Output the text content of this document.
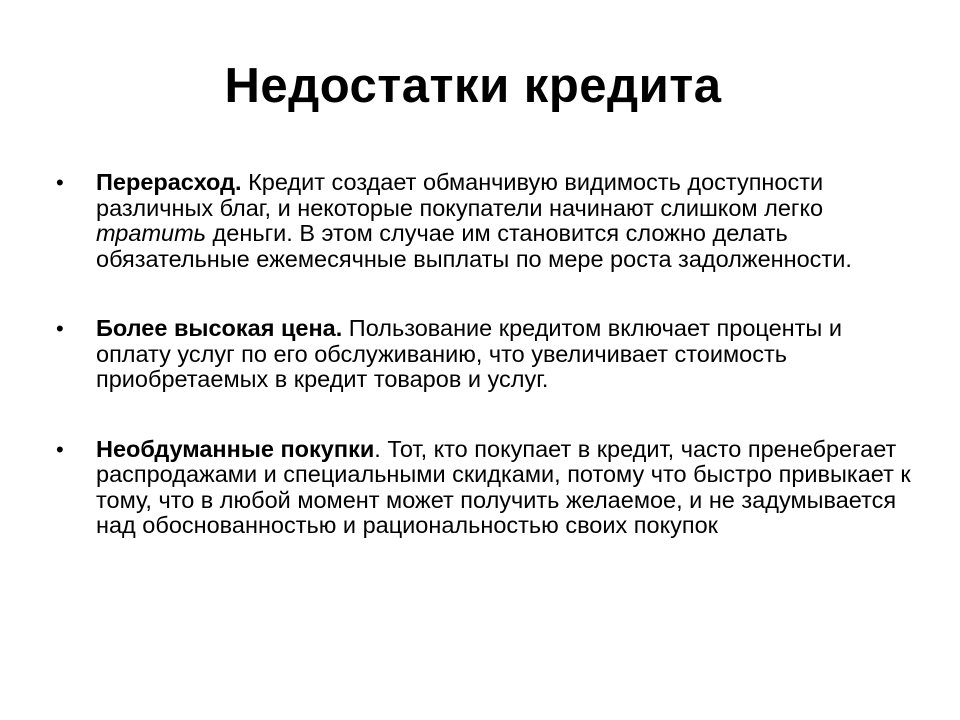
Недостатки кредита
• Перерасход. Кредит создает обманчивую видимость доступности различных благ, и некоторые покупатели начинают слишком легко тратить деньги. В этом случае им становится сложно делать обязательные ежемесячные выплаты по мере роста задолженности.
• Более высокая цена. Пользование кредитом включает проценты и оплату услуг по его обслуживанию, что увеличивает стоимость приобретаемых в кредит товаров и услуг.
• Необдуманные покупки. Тот, кто покупает в кредит, часто пренебрегает распродажами и специальными скидками, потому что быстро привыкает к тому, что в любой момент может получить желаемое, и не задумывается над обоснованностью и рациональностью своих покупок
